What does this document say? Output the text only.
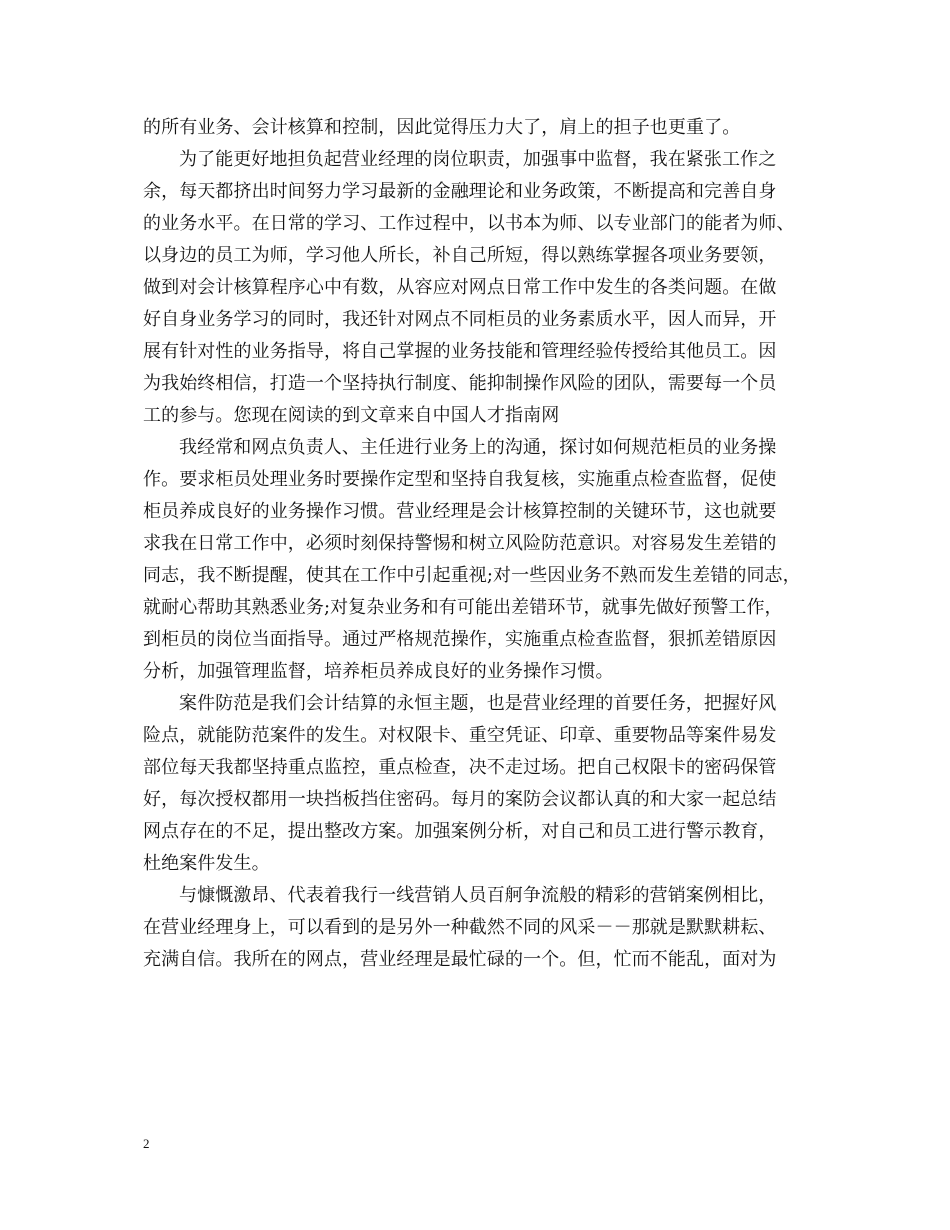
的所有业务、会计核算和控制，因此觉得压力大了，肩上的担子也更重了。
为了能更好地担负起营业经理的岗位职责，加强事中监督，我在紧张工作之
余，每天都挤出时间努力学习最新的金融理论和业务政策，不断提高和完善自身
的业务水平。在日常的学习、工作过程中，以书本为师、以专业部门的能者为师、
以身边的员工为师，学习他人所长，补自己所短，得以熟练掌握各项业务要领，
做到对会计核算程序心中有数，从容应对网点日常工作中发生的各类问题。在做
好自身业务学习的同时，我还针对网点不同柜员的业务素质水平，因人而异，开
展有针对性的业务指导，将自己掌握的业务技能和管理经验传授给其他员工。因
为我始终相信，打造一个坚持执行制度、能抑制操作风险的团队，需要每一个员
工的参与。您现在阅读的到文章来自中国人才指南网
我经常和网点负责人、主任进行业务上的沟通，探讨如何规范柜员的业务操
作。要求柜员处理业务时要操作定型和坚持自我复核，实施重点检查监督，促使
柜员养成良好的业务操作习惯。营业经理是会计核算控制的关键环节，这也就要
求我在日常工作中，必须时刻保持警惕和树立风险防范意识。对容易发生差错的
同志，我不断提醒，使其在工作中引起重视;对一些因业务不熟而发生差错的同志，
就耐心帮助其熟悉业务;对复杂业务和有可能出差错环节，就事先做好预警工作，
到柜员的岗位当面指导。通过严格规范操作，实施重点检查监督，狠抓差错原因
分析，加强管理监督，培养柜员养成良好的业务操作习惯。
案件防范是我们会计结算的永恒主题，也是营业经理的首要任务，把握好风
险点，就能防范案件的发生。对权限卡、重空凭证、印章、重要物品等案件易发
部位每天我都坚持重点监控，重点检查，决不走过场。把自己权限卡的密码保管
好，每次授权都用一块挡板挡住密码。每月的案防会议都认真的和大家一起总结
网点存在的不足，提出整改方案。加强案例分析，对自己和员工进行警示教育，
杜绝案件发生。
与慷慨激昂、代表着我行一线营销人员百舸争流般的精彩的营销案例相比，
在营业经理身上，可以看到的是另外一种截然不同的风采－－那就是默默耕耘、
充满自信。我所在的网点，营业经理是最忙碌的一个。但，忙而不能乱，面对为
2
